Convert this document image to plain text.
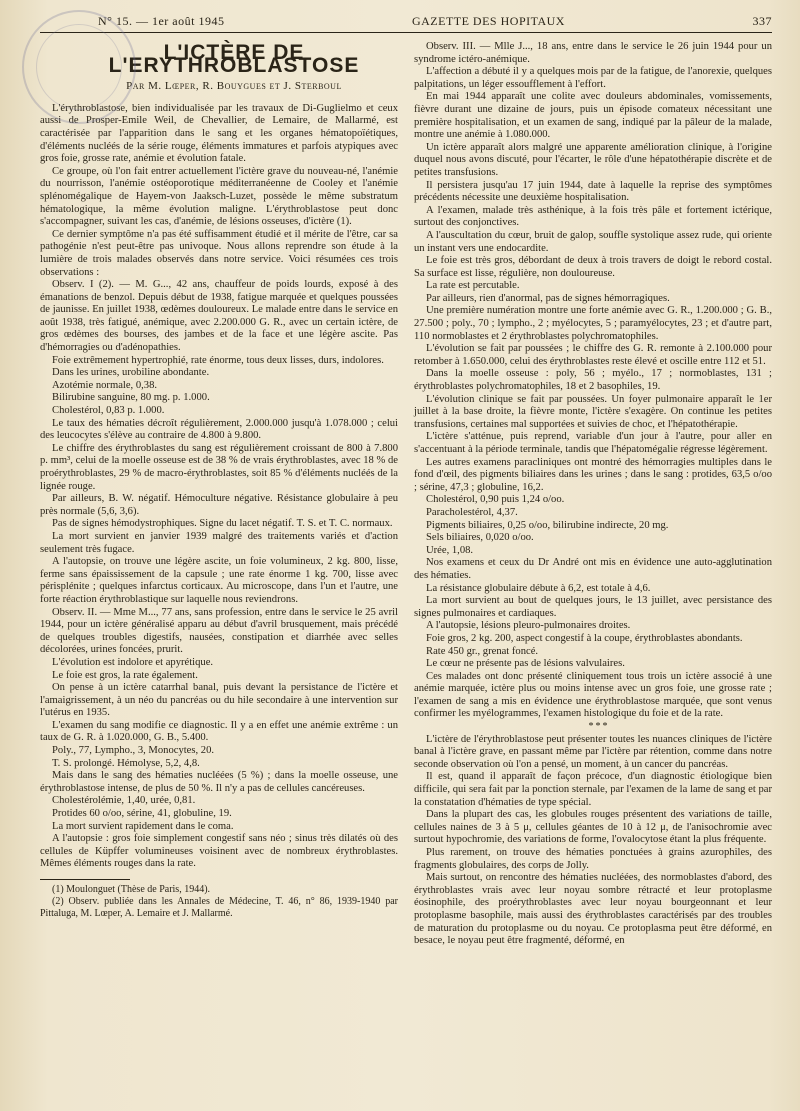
N° 15. — 1er août 1945	GAZETTE DES HOPITAUX	337
L'ICTÈRE DE L'ERYTHROBLASTOSE
Par M. Lœper, R. Bouygues et J. Sterboul

L'érythroblastose, bien individualisée par les travaux de Di-Guglielmo et ceux aussi de Prosper-Emile Weil, de Chevallier, de Lemaire, de Mallarmé, est caractérisée par l'apparition dans le sang et les organes hématopoïétiques, d'éléments nucléés de la série rouge, éléments immatures et parfois atypiques avec gros foie, grosse rate, anémie et évolution fatale.

Ce groupe, où l'on fait entrer actuellement l'ictère grave du nouveau-né, l'anémie du nourrisson, l'anémie ostéoporotique méditerranéenne de Cooley et l'anémie splénomégalique de Hayem-von Jaaksch-Luzet, possède le même substratum hématologique, la même évolution maligne. L'érythroblastose peut donc s'accompagner, suivant les cas, d'anémie, de lésions osseuses, d'ictère (1).

Ce dernier symptôme n'a pas été suffisamment étudié et il mérite de l'être, car sa pathogénie n'est peut-être pas univoque. Nous allons reprendre son étude à la lumière de trois malades observés dans notre service. Voici résumées ces trois observations :

Observ. I (2). — M. G..., 42 ans, chauffeur de poids lourds, exposé à des émanations de benzol. Depuis début de 1938, fatigue marquée et quelques poussées de jaunisse. En juillet 1938, œdèmes douloureux. Le malade entre dans le service en août 1938, très fatigué, anémique, avec 2.200.000 G. R., avec un certain ictère, de gros œdèmes des bourses, des jambes et de la face et une légère ascite. Pas d'hémorragies ou d'adénopathies.

Foie extrêmement hypertrophié, rate énorme, tous deux lisses, durs, indolores.

Dans les urines, urobiline abondante.

Azotémie normale, 0,38.

Bilirubine sanguine, 80 mg. p. 1.000.

Cholestérol, 0,83 p. 1.000.

Le taux des hématies décroît régulièrement, 2.000.000 jusqu'à 1.078.000 ; celui des leucocytes s'élève au contraire de 4.800 à 9.800.

Le chiffre des érythroblastes du sang est régulièrement croissant de 800 à 7.800 p. mm³, celui de la moelle osseuse est de 38 % de vrais érythroblastes, avec 18 % de proérythroblastes, 29 % de macro-érythroblastes, soit 85 % d'éléments nucléés de la lignée rouge.

Par ailleurs, B. W. négatif. Hémoculture négative. Résistance globulaire à peu près normale (5,6, 3,6).

Pas de signes hémodystrophiques. Signe du lacet négatif. T. S. et T. C. normaux.

La mort survient en janvier 1939 malgré des traitements variés et d'action seulement très fugace.

A l'autopsie, on trouve une légère ascite, un foie volumineux, 2 kg. 800, lisse, ferme sans épaississement de la capsule ; une rate énorme 1 kg. 700, lisse avec périsplénite ; quelques infarctus corticaux. Au microscope, dans l'un et l'autre, une forte réaction érythroblastique sur laquelle nous reviendrons.

Observ. II. — Mme M..., 77 ans, sans profession, entre dans le service le 25 avril 1944, pour un ictère généralisé apparu au début d'avril brusquement, mais précédé de quelques troubles digestifs, nausées, constipation et diarrhée avec selles décolorées, urines foncées, prurit.

L'évolution est indolore et apyrétique.

Le foie est gros, la rate également.

On pense à un ictère catarrhal banal, puis devant la persistance de l'ictère et l'amaigrissement, à un néo du pancréas ou du hile secondaire à une intervention sur l'utérus en 1935.

L'examen du sang modifie ce diagnostic. Il y a en effet une anémie extrême : un taux de G. R. à 1.020.000, G. B., 5.400.

Poly., 77, Lympho., 3, Monocytes, 20.

T. S. prolongé. Hémolyse, 5,2, 4,8.

Mais dans le sang des hématies nucléées (5 %) ; dans la moelle osseuse, une érythroblastose intense, de plus de 50 %. Il n'y a pas de cellules cancéreuses.

Cholestérolémie, 1,40, urée, 0,81.

Protides 60 o/oo, sérine, 41, globuline, 19.

La mort survient rapidement dans le coma.

A l'autopsie : gros foie simplement congestif sans néo ; sinus très dilatés où des cellules de Küpffer volumineuses voisinent avec de nombreux érythroblastes. Mêmes éléments rouges dans la rate.

(1) Moulonguet (Thèse de Paris, 1944).

(2) Observ. publiée dans les Annales de Médecine, T. 46, n° 86, 1939-1940 par Pittaluga, M. Lœper, A. Lemaire et J. Mallarmé.

Observ. III. — Mlle J..., 18 ans, entre dans le service le 26 juin 1944 pour un syndrome ictéro-anémique.

L'affection a débuté il y a quelques mois par de la fatigue, de l'anorexie, quelques palpitations, un léger essoufflement à l'effort.

En mai 1944 apparaît une colite avec douleurs abdominales, vomissements, fièvre durant une dizaine de jours, puis un épisode comateux nécessitant une première hospitalisation, et un examen de sang, indiqué par la pâleur de la malade, montre une anémie à 1.080.000.

Un ictère apparaît alors malgré une apparente amélioration clinique, à l'origine duquel nous avons discuté, pour l'écarter, le rôle d'une hépatothérapie discrète et de petites transfusions.

Il persistera jusqu'au 17 juin 1944, date à laquelle la reprise des symptômes précédents nécessite une deuxième hospitalisation.

A l'examen, malade très asthénique, à la fois très pâle et fortement ictérique, surtout des conjonctives.

A l'auscultation du cœur, bruit de galop, souffle systolique assez rude, qui oriente un instant vers une endocardite.

Le foie est très gros, débordant de deux à trois travers de doigt le rebord costal. Sa surface est lisse, régulière, non douloureuse.

La rate est percutable.

Par ailleurs, rien d'anormal, pas de signes hémorragiques.

Une première numération montre une forte anémie avec G. R., 1.200.000 ; G. B., 27.500 ; poly., 70 ; lympho., 2 ; myélocytes, 5 ; paramyélocytes, 23 ; et d'autre part, 110 normoblastes et 2 érythroblastes polychromatophiles.

L'évolution se fait par poussées ; le chiffre des G. R. remonte à 2.100.000 pour retomber à 1.650.000, celui des érythroblastes reste élevé et oscille entre 112 et 51.

Dans la moelle osseuse : poly, 56 ; myélo., 17 ; normoblastes, 131 ; érythroblastes polychromatophiles, 18 et 2 basophiles, 19.

L'évolution clinique se fait par poussées. Un foyer pulmonaire apparaît le 1er juillet à la base droite, la fièvre monte, l'ictère s'exagère. On continue les petites transfusions, certaines mal supportées et suivies de choc, et l'hépatothérapie.

L'ictère s'atténue, puis reprend, variable d'un jour à l'autre, pour aller en s'accentuant à la période terminale, tandis que l'hépatomégalie régresse légèrement.

Les autres examens paracliniques ont montré des hémorragies multiples dans le fond d'œil, des pigments biliaires dans les urines ; dans le sang : protides, 63,5 o/oo ; sérine, 47,3 ; globuline, 16,2.

Cholestérol, 0,90 puis 1,24 o/oo.

Paracholestérol, 4,37.

Pigments biliaires, 0,25 o/oo, bilirubine indirecte, 20 mg.

Sels biliaires, 0,020 o/oo.

Urée, 1,08.

Nos examens et ceux du Dr André ont mis en évidence une auto-agglutination des hématies.

La résistance globulaire débute à 6,2, est totale à 4,6.

La mort survient au bout de quelques jours, le 13 juillet, avec persistance des signes pulmonaires et cardiaques.

A l'autopsie, lésions pleuro-pulmonaires droites.

Foie gros, 2 kg. 200, aspect congestif à la coupe, érythroblastes abondants.

Rate 450 gr., grenat foncé.

Le cœur ne présente pas de lésions valvulaires.

Ces malades ont donc présenté cliniquement tous trois un ictère associé à une anémie marquée, ictère plus ou moins intense avec un gros foie, une grosse rate ; l'examen de sang a mis en évidence une érythroblastose marquée, que sont venus confirmer les myélogrammes, l'examen histologique du foie et de la rate.

***

L'ictère de l'érythroblastose peut présenter toutes les nuances cliniques de l'ictère banal à l'ictère grave, en passant même par l'ictère par rétention, comme dans notre seconde observation où l'on a pensé, un moment, à un cancer du pancréas.

Il est, quand il apparaît de façon précoce, d'un diagnostic étiologique bien difficile, qui sera fait par la ponction sternale, par l'examen de la lame de sang et par la constatation d'hématies de type spécial.

Dans la plupart des cas, les globules rouges présentent des variations de taille, cellules naines de 3 à 5 μ, cellules géantes de 10 à 12 μ, de l'anisochromie avec surtout hypochromie, des variations de forme, l'ovalocytose étant la plus fréquente.

Plus rarement, on trouve des hématies ponctuées à grains azurophiles, des fragments globulaires, des corps de Jolly.

Mais surtout, on rencontre des hématies nucléées, des normoblastes d'abord, des érythroblastes vrais avec leur noyau sombre rétracté et leur protoplasme éosinophile, des proérythroblastes avec leur noyau bourgeonnant et leur protoplasme basophile, mais aussi des érythroblastes caractérisés par des troubles de maturation du protoplasme ou du noyau. Ce protoplasma peut être déformé, en besace, le noyau peut être fragmenté, déformé, en
